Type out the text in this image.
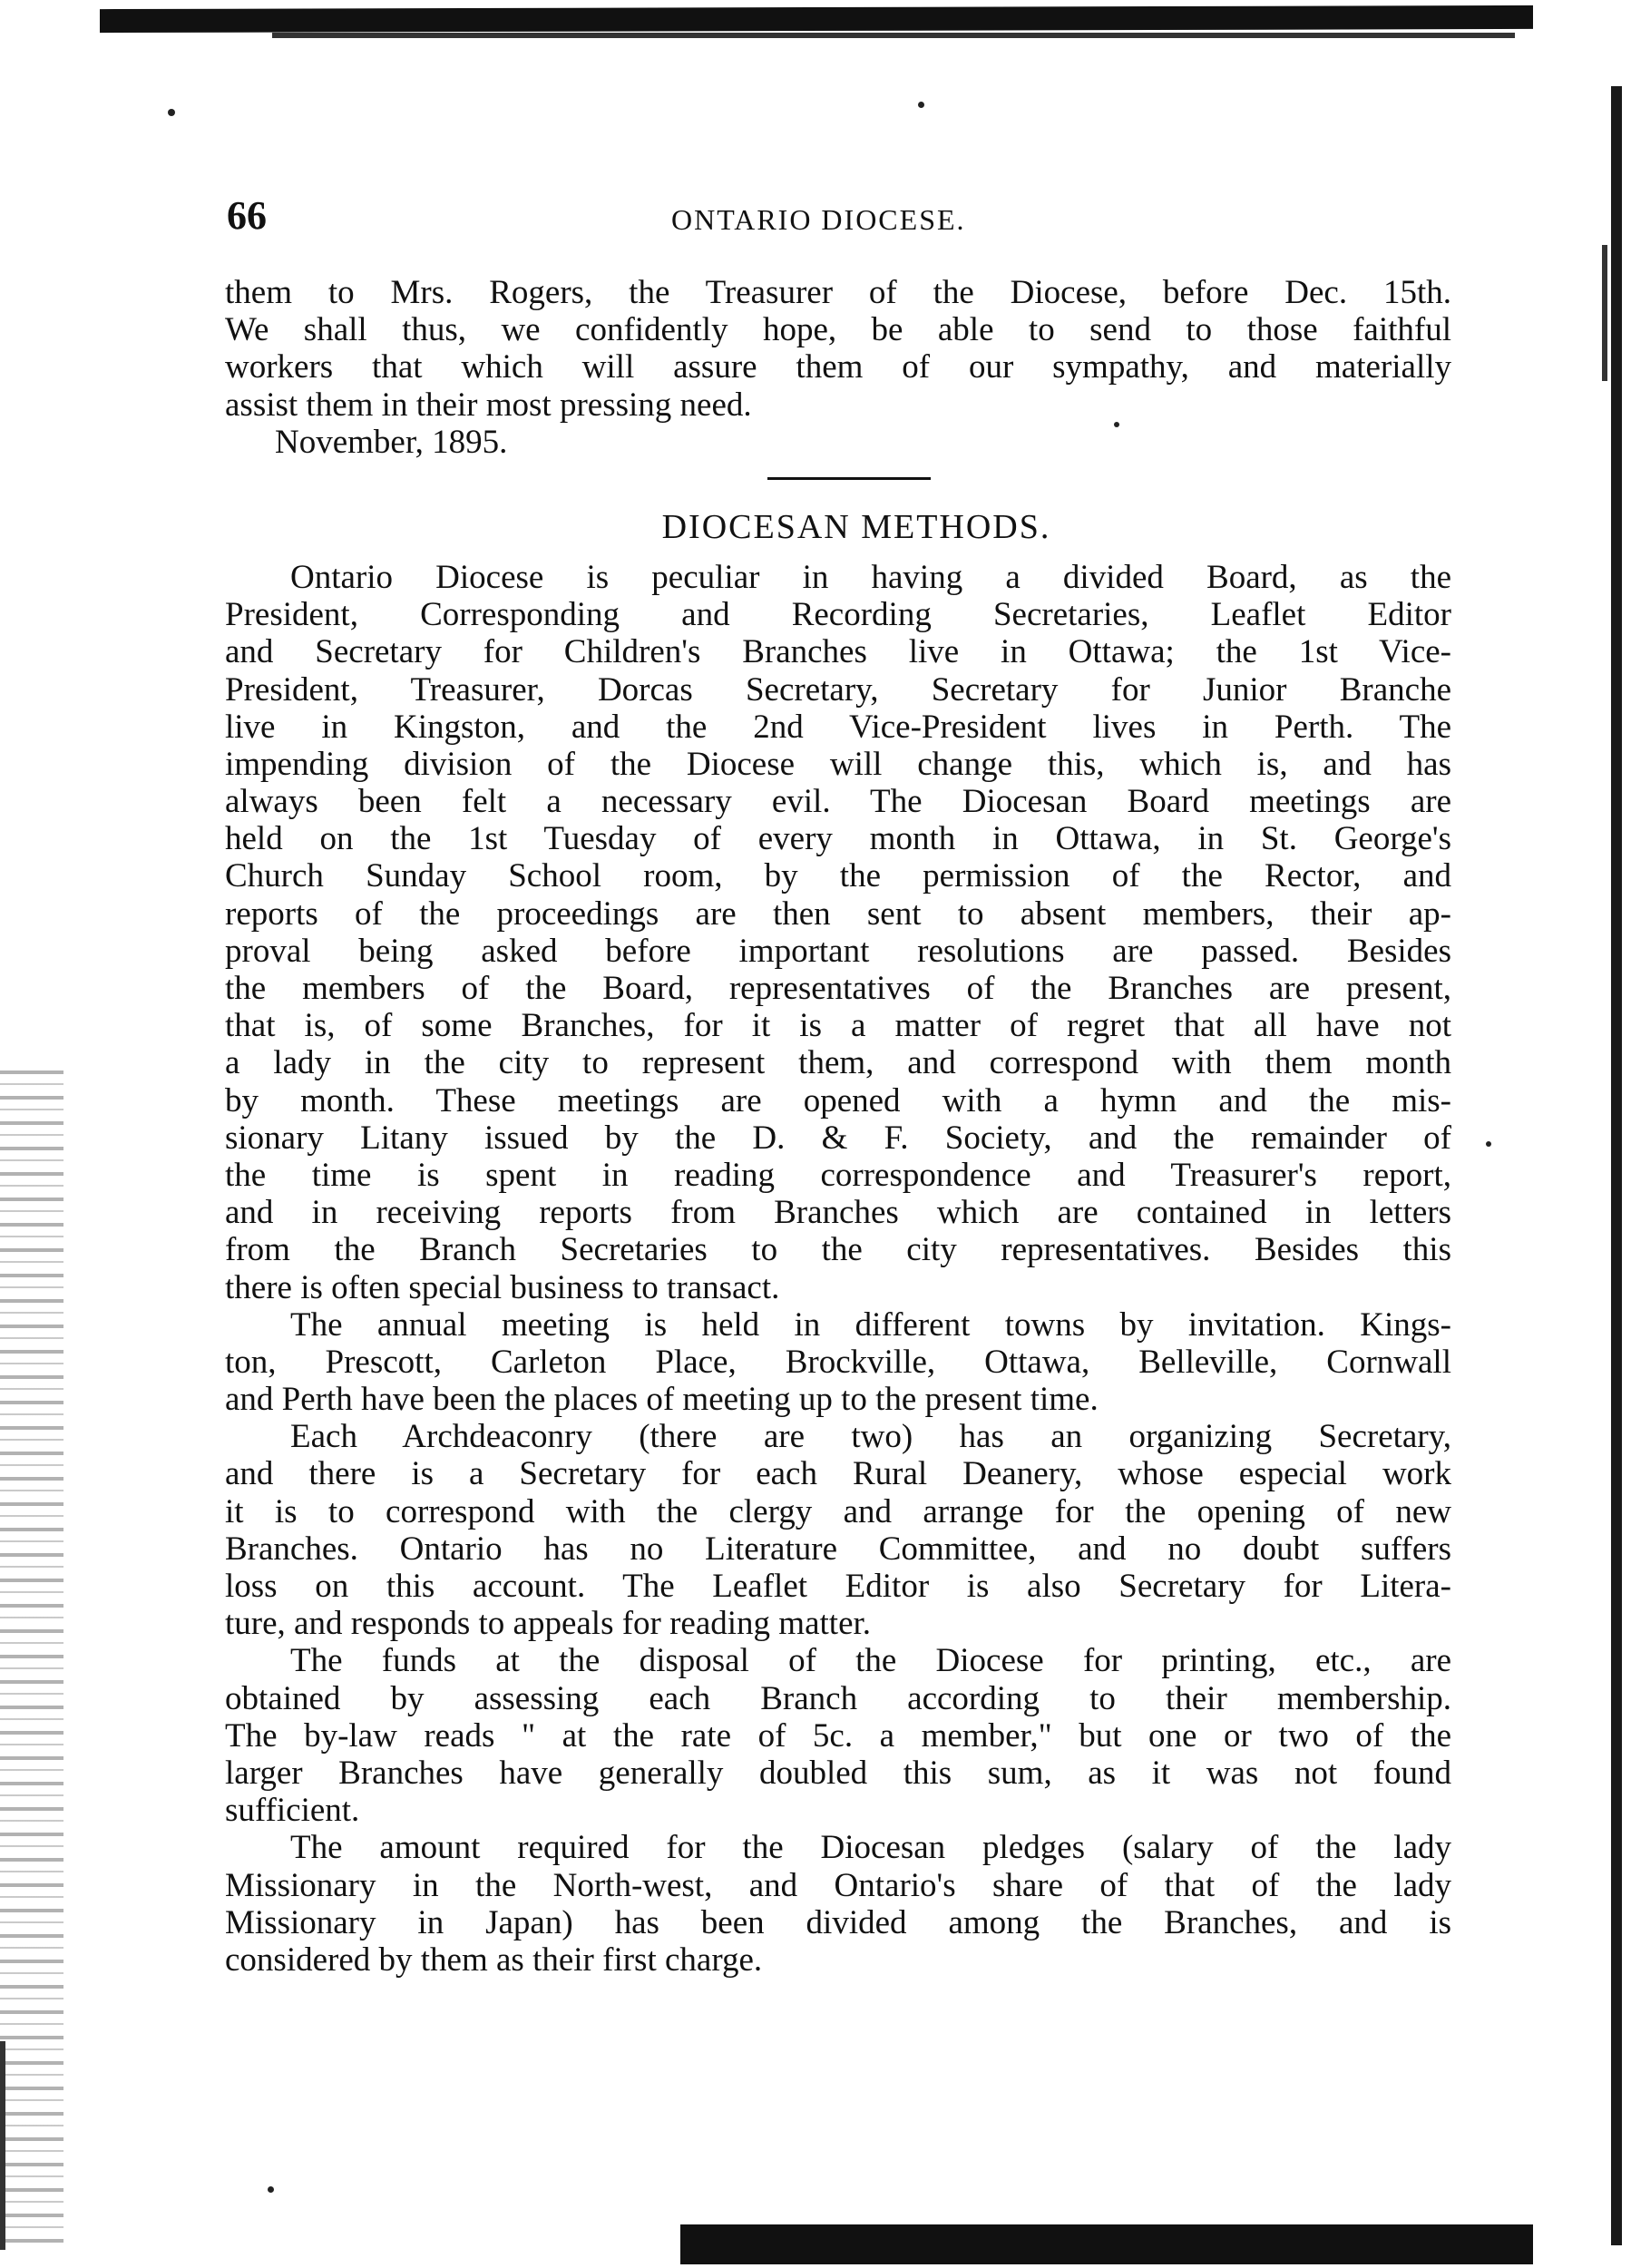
66	ONTARIO DIOCESE.
them to Mrs. Rogers, the Treasurer of the Diocese, before Dec. 15th.
We shall thus, we confidently hope, be able to send to those faithful
workers that which will assure them of our sympathy, and materially
assist them in their most pressing need.
November, 1895.
DIOCESAN METHODS.
Ontario Diocese is peculiar in having a divided Board, as the
President, Corresponding and Recording Secretaries, Leaflet Editor
and Secretary for Children's Branches live in Ottawa; the 1st Vice-
President, Treasurer, Dorcas Secretary, Secretary for Junior Branche
live in Kingston, and the 2nd Vice-President lives in Perth. The
impending division of the Diocese will change this, which is, and has
always been felt a necessary evil. The Diocesan Board meetings are
held on the 1st Tuesday of every month in Ottawa, in St. George's
Church Sunday School room, by the permission of the Rector, and
reports of the proceedings are then sent to absent members, their ap-
proval being asked before important resolutions are passed. Besides
the members of the Board, representatives of the Branches are present,
that is, of some Branches, for it is a matter of regret that all have not
a lady in the city to represent them, and correspond with them month
by month. These meetings are opened with a hymn and the mis-
sionary Litany issued by the D. & F. Society, and the remainder of
the time is spent in reading correspondence and Treasurer's report,
and in receiving reports from Branches which are contained in letters
from the Branch Secretaries to the city representatives. Besides this
there is often special business to transact.
The annual meeting is held in different towns by invitation. Kings-
ton, Prescott, Carleton Place, Brockville, Ottawa, Belleville, Cornwall
and Perth have been the places of meeting up to the present time.
Each Archdeaconry (there are two) has an organizing Secretary,
and there is a Secretary for each Rural Deanery, whose especial work
it is to correspond with the clergy and arrange for the opening of new
Branches. Ontario has no Literature Committee, and no doubt suffers
loss on this account. The Leaflet Editor is also Secretary for Litera-
ture, and responds to appeals for reading matter.
The funds at the disposal of the Diocese for printing, etc., are
obtained by assessing each Branch according to their membership.
The by-law reads " at the rate of 5c. a member," but one or two of the
larger Branches have generally doubled this sum, as it was not found
sufficient.
The amount required for the Diocesan pledges (salary of the lady
Missionary in the North-west, and Ontario's share of that of the lady
Missionary in Japan) has been divided among the Branches, and is
considered by them as their first charge.
